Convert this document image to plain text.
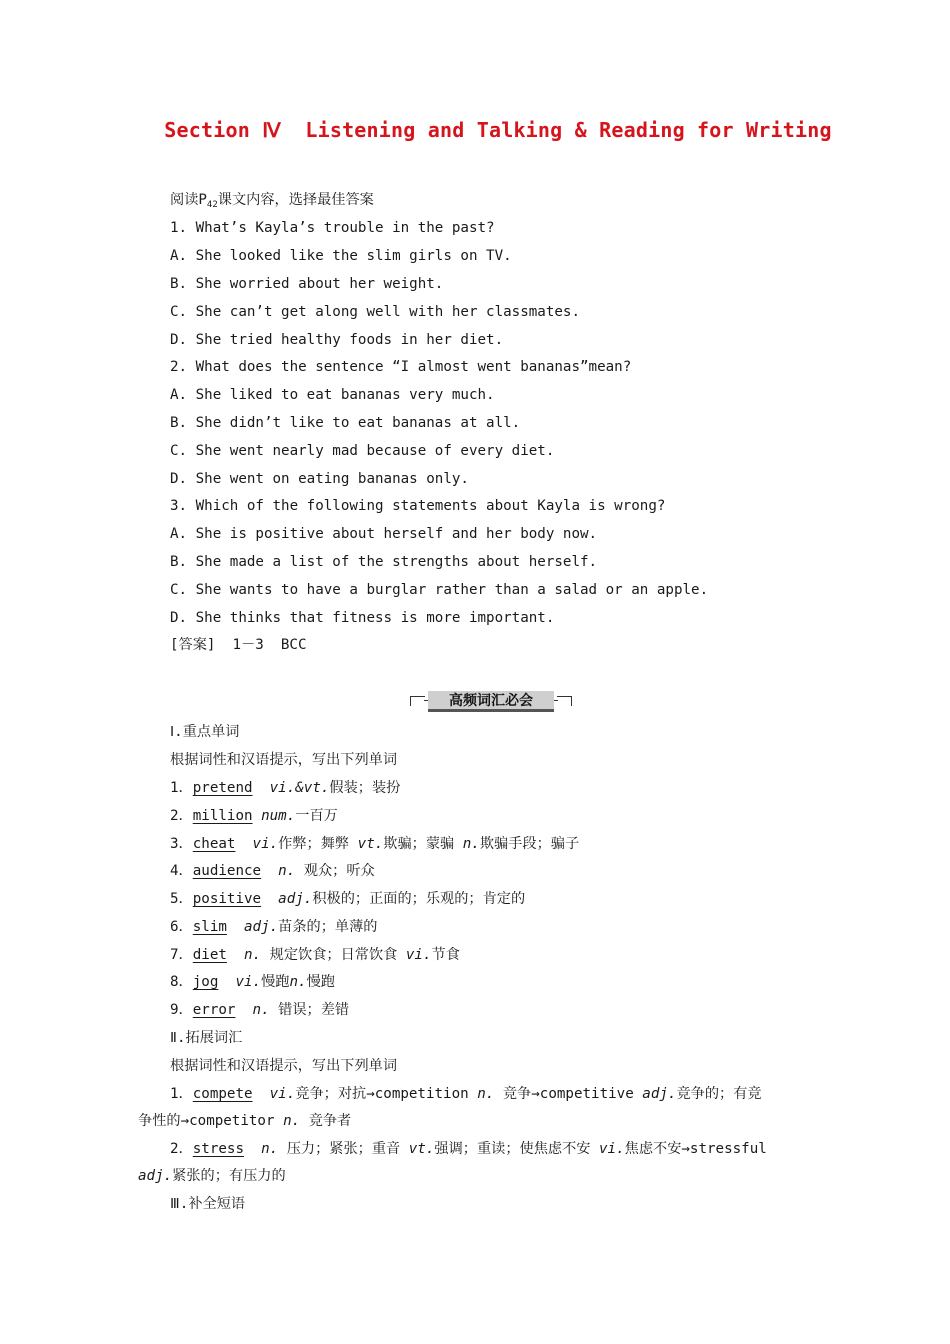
Section Ⅳ  Listening and Talking & Reading for Writing
阅读$P_{42}$课文内容，选择最佳答案
1. What’s Kayla’s trouble in the past?
A. She looked like the slim girls on TV.
B. She worried about her weight.
C. She can’t get along well with her classmates.
D. She tried healthy foods in her diet.
2. What does the sentence “I almost went bananas”mean?
A. She liked to eat bananas very much.
B. She didn’t like to eat bananas at all.
C. She went nearly mad because of every diet.
D. She went on eating bananas only.
3. Which of the following statements about Kayla is wrong?
A. She is positive about herself and her body now.
B. She made a list of the strengths about herself.
C. She wants to have a burglar rather than a salad or an apple.
D. She thinks that fitness is more important.
[答案]  1－3  BCC
高频词汇必会
Ⅰ.重点单词
根据词性和汉语提示，写出下列单词
1．pretend vi.&vt.假装；装扮
2．million num.一百万
3．cheat vi.作弊；舞弊 vt.欺骗；蒙骗 n.欺骗手段；骗子
4．audience n. 观众；听众
5．positive adj.积极的；正面的；乐观的；肯定的
6．slim adj.苗条的；单薄的
7．diet n. 规定饮食；日常饮食 vi.节食
8．jog vi.慢跑n.慢跑
9．error n. 错误；差错
Ⅱ.拓展词汇
根据词性和汉语提示，写出下列单词
1．compete vi.竞争；对抗→competition n. 竞争→competitive adj.竞争的；有竞
争性的→competitor n. 竞争者
2．stress n. 压力；紧张；重音 vt.强调；重读；使焦虑不安 vi.焦虑不安→stressful
adj.紧张的；有压力的
Ⅲ.补全短语
